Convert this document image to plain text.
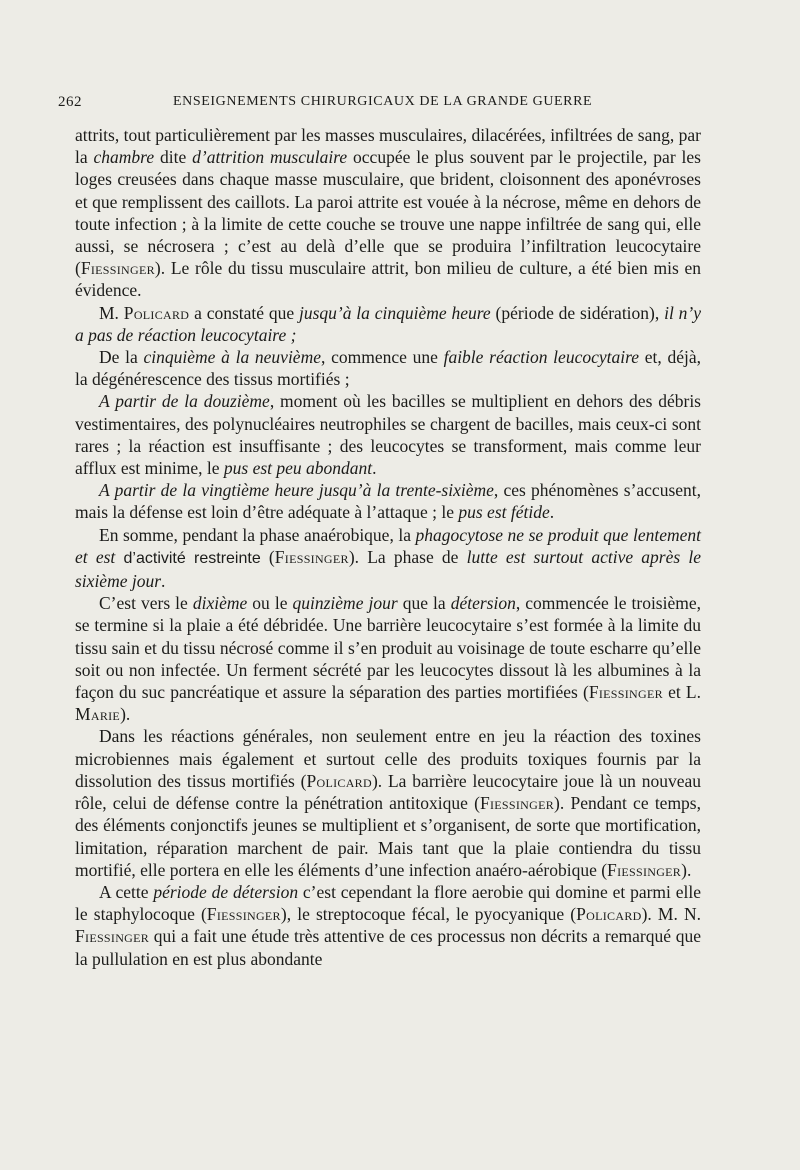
262	ENSEIGNEMENTS CHIRURGICAUX DE LA GRANDE GUERRE

attrits, tout particulièrement par les masses musculaires, dilacérées, infiltrées de sang, par la chambre dite d’attrition musculaire occupée le plus souvent par le projectile, par les loges creusées dans chaque masse musculaire, que brident, cloisonnent des aponévroses et que remplissent des caillots. La paroi attrite est vouée à la nécrose, même en dehors de toute infection ; à la limite de cette couche se trouve une nappe infiltrée de sang qui, elle aussi, se nécrosera ; c’est au delà d’elle que se produira l’infiltration leucocytaire (Fiessinger). Le rôle du tissu musculaire attrit, bon milieu de culture, a été bien mis en évidence.

M. Policard a constaté que jusqu’à la cinquième heure (période de sidération), il n’y a pas de réaction leucocytaire ;

De la cinquième à la neuvième, commence une faible réaction leucocytaire et, déjà, la dégénérescence des tissus mortifiés ;

A partir de la douzième, moment où les bacilles se multiplient en dehors des débris vestimentaires, des polynucléaires neutrophiles se chargent de bacilles, mais ceux-ci sont rares ; la réaction est insuffisante ; des leucocytes se transforment, mais comme leur afflux est minime, le pus est peu abondant.

A partir de la vingtième heure jusqu’à la trente-sixième, ces phénomènes s’accusent, mais la défense est loin d’être adéquate à l’attaque ; le pus est fétide.

En somme, pendant la phase anaérobique, la phagocytose ne se produit que lentement et est d’activité restreinte (Fiessinger). La phase de lutte est surtout active après le sixième jour.

C’est vers le dixième ou le quinzième jour que la détersion, commencée le troisième, se termine si la plaie a été débridée. Une barrière leucocytaire s’est formée à la limite du tissu sain et du tissu nécrosé comme il s’en produit au voisinage de toute escharre qu’elle soit ou non infectée. Un ferment sécrété par les leucocytes dissout là les albumines à la façon du suc pancréatique et assure la séparation des parties mortifiées (Fiessinger et L. Marie).

Dans les réactions générales, non seulement entre en jeu la réaction des toxines microbiennes mais également et surtout celle des produits toxiques fournis par la dissolution des tissus mortifiés (Policard). La barrière leucocytaire joue là un nouveau rôle, celui de défense contre la pénétration antitoxique (Fiessinger). Pendant ce temps, des éléments conjonctifs jeunes se multiplient et s’organisent, de sorte que mortification, limitation, réparation marchent de pair. Mais tant que la plaie contiendra du tissu mortifié, elle portera en elle les éléments d’une infection anaéro-aérobique (Fiessinger).

A cette période de détersion c’est cependant la flore aerobie qui domine et parmi elle le staphylocoque (Fiessinger), le streptocoque fécal, le pyocyanique (Policard). M. N. Fiessinger qui a fait une étude très attentive de ces processus non décrits a remarqué que la pullulation en est plus abondante
